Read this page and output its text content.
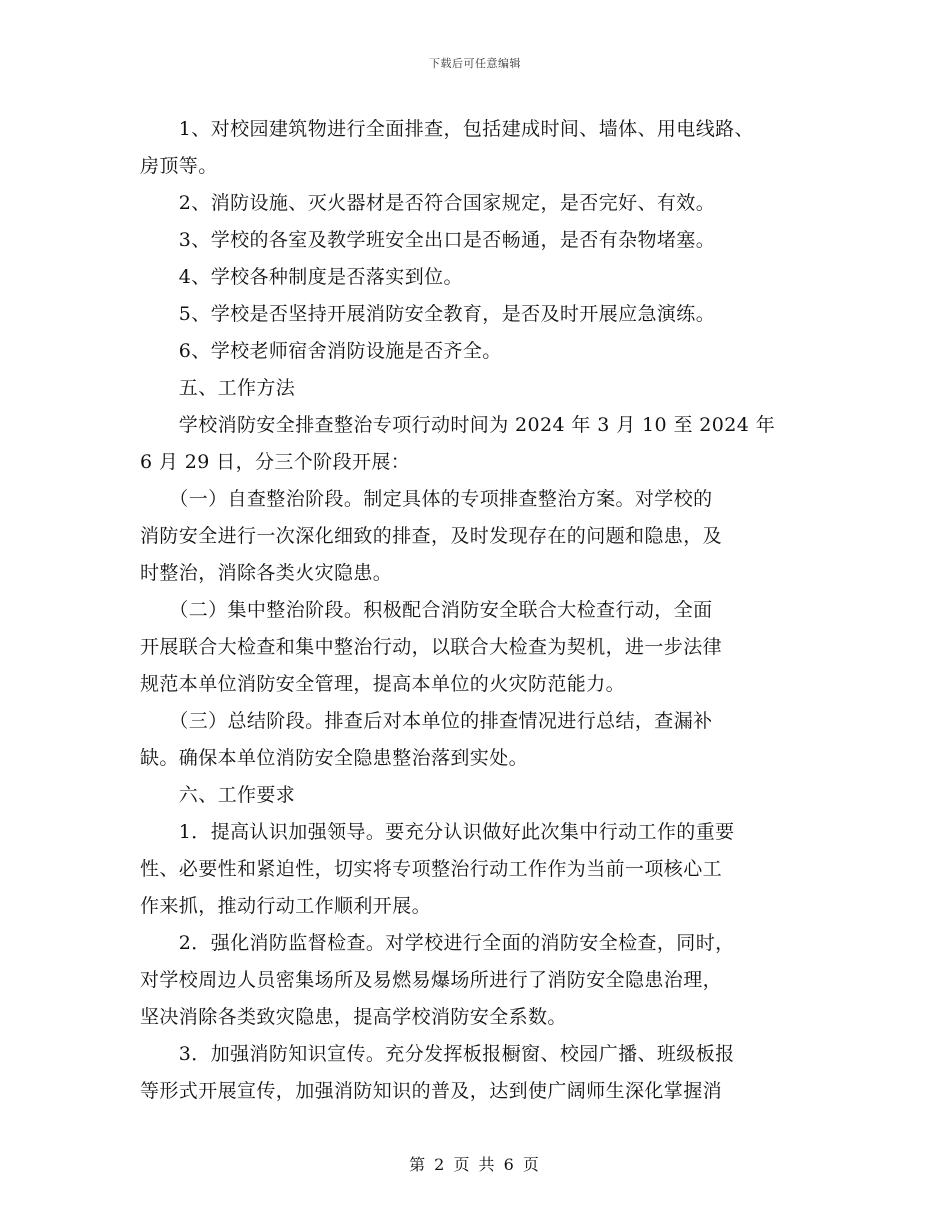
下载后可任意编辑
　　1、对校园建筑物进行全面排查，包括建成时间、墙体、用电线路、
房顶等。
　　2、消防设施、灭火器材是否符合国家规定，是否完好、有效。
　　3、学校的各室及教学班安全出口是否畅通，是否有杂物堵塞。
　　4、学校各种制度是否落实到位。
　　5、学校是否坚持开展消防安全教育，是否及时开展应急演练。
　　6、学校老师宿舍消防设施是否齐全。
　　五、工作方法
　　学校消防安全排查整治专项行动时间为 2024 年 3 月 10 至 2024 年
6 月 29 日，分三个阶段开展：
　　（一）自查整治阶段。制定具体的专项排查整治方案。对学校的
消防安全进行一次深化细致的排查，及时发现存在的问题和隐患，及
时整治，消除各类火灾隐患。
　　（二）集中整治阶段。积极配合消防安全联合大检查行动，全面
开展联合大检查和集中整治行动，以联合大检查为契机，进一步法律
规范本单位消防安全管理，提高本单位的火灾防范能力。
　　（三）总结阶段。排查后对本单位的排查情况进行总结，查漏补
缺。确保本单位消防安全隐患整治落到实处。
　　六、工作要求
　　1．提高认识加强领导。要充分认识做好此次集中行动工作的重要
性、必要性和紧迫性，切实将专项整治行动工作作为当前一项核心工
作来抓，推动行动工作顺利开展。
　　2．强化消防监督检查。对学校进行全面的消防安全检查，同时，
对学校周边人员密集场所及易燃易爆场所进行了消防安全隐患治理，
坚决消除各类致灾隐患，提高学校消防安全系数。
　　3．加强消防知识宣传。充分发挥板报橱窗、校园广播、班级板报
等形式开展宣传，加强消防知识的普及，达到使广阔师生深化掌握消
第 2 页 共 6 页
